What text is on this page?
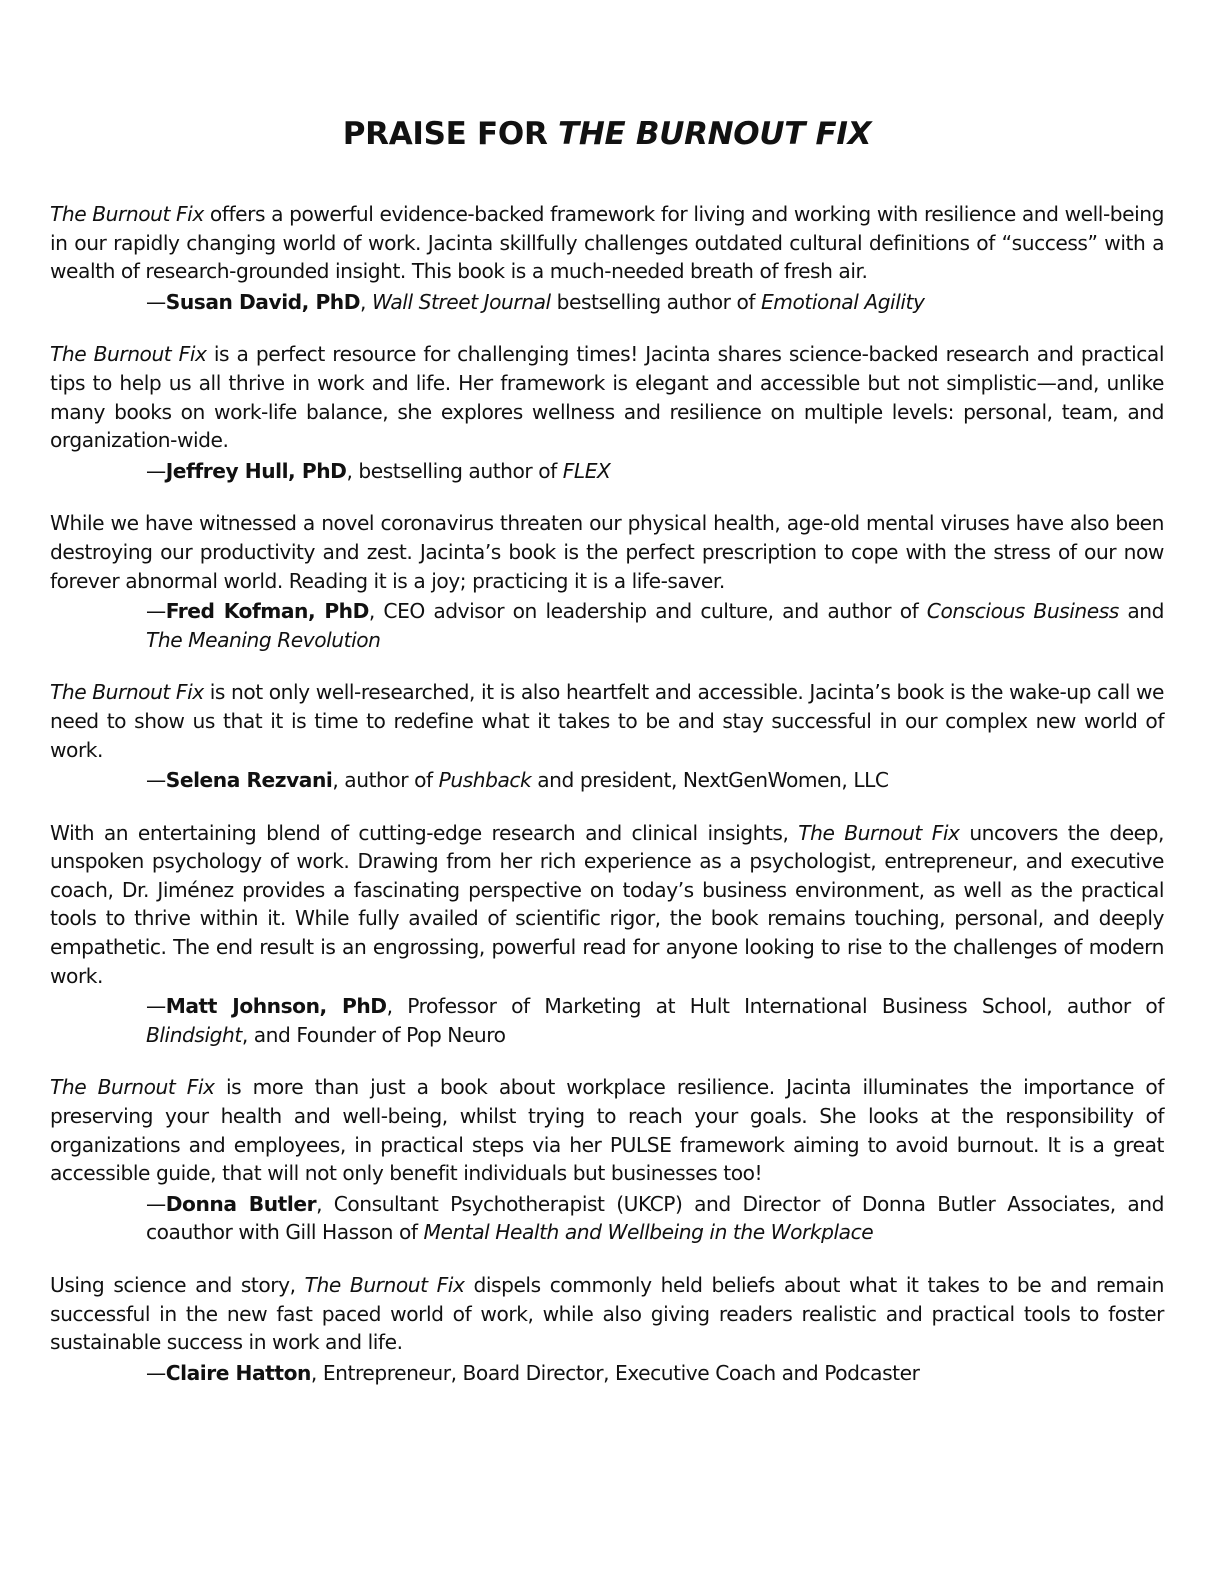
PRAISE FOR THE BURNOUT FIX

The Burnout Fix offers a powerful evidence-backed framework for living and working with resilience and well-being in our rapidly changing world of work. Jacinta skillfully challenges outdated cultural definitions of “success” with a wealth of research-grounded insight. This book is a much-needed breath of fresh air.

—Susan David, PhD, Wall Street Journal bestselling author of Emotional Agility

The Burnout Fix is a perfect resource for challenging times! Jacinta shares science-backed research and practical tips to help us all thrive in work and life. Her framework is elegant and accessible but not simplistic—and, unlike many books on work-life balance, she explores wellness and resilience on multiple levels: personal, team, and organization-wide.

—Jeffrey Hull, PhD, bestselling author of FLEX

While we have witnessed a novel coronavirus threaten our physical health, age-old mental viruses have also been destroying our productivity and zest. Jacinta’s book is the perfect prescription to cope with the stress of our now forever abnormal world. Reading it is a joy; practicing it is a life-saver.

—Fred Kofman, PhD, CEO advisor on leadership and culture, and author of Conscious Business and The Meaning Revolution

The Burnout Fix is not only well-researched, it is also heartfelt and accessible. Jacinta’s book is the wake-up call we need to show us that it is time to redefine what it takes to be and stay successful in our complex new world of work.

—Selena Rezvani, author of Pushback and president, NextGenWomen, LLC

With an entertaining blend of cutting-edge research and clinical insights, The Burnout Fix uncovers the deep, unspoken psychology of work. Drawing from her rich experience as a psychologist, entrepreneur, and executive coach, Dr. Jiménez provides a fascinating perspective on today’s business environment, as well as the practical tools to thrive within it. While fully availed of scientific rigor, the book remains touching, personal, and deeply empathetic. The end result is an engrossing, powerful read for anyone looking to rise to the challenges of modern work.

—Matt Johnson, PhD, Professor of Marketing at Hult International Business School, author of Blindsight, and Founder of Pop Neuro

The Burnout Fix is more than just a book about workplace resilience. Jacinta illuminates the importance of preserving your health and well-being, whilst trying to reach your goals. She looks at the responsibility of organizations and employees, in practical steps via her PULSE framework aiming to avoid burnout. It is a great accessible guide, that will not only benefit individuals but businesses too!

—Donna Butler, Consultant Psychotherapist (UKCP) and Director of Donna Butler Associates, and coauthor with Gill Hasson of Mental Health and Wellbeing in the Workplace

Using science and story, The Burnout Fix dispels commonly held beliefs about what it takes to be and remain successful in the new fast paced world of work, while also giving readers realistic and practical tools to foster sustainable success in work and life.

—Claire Hatton, Entrepreneur, Board Director, Executive Coach and Podcaster
